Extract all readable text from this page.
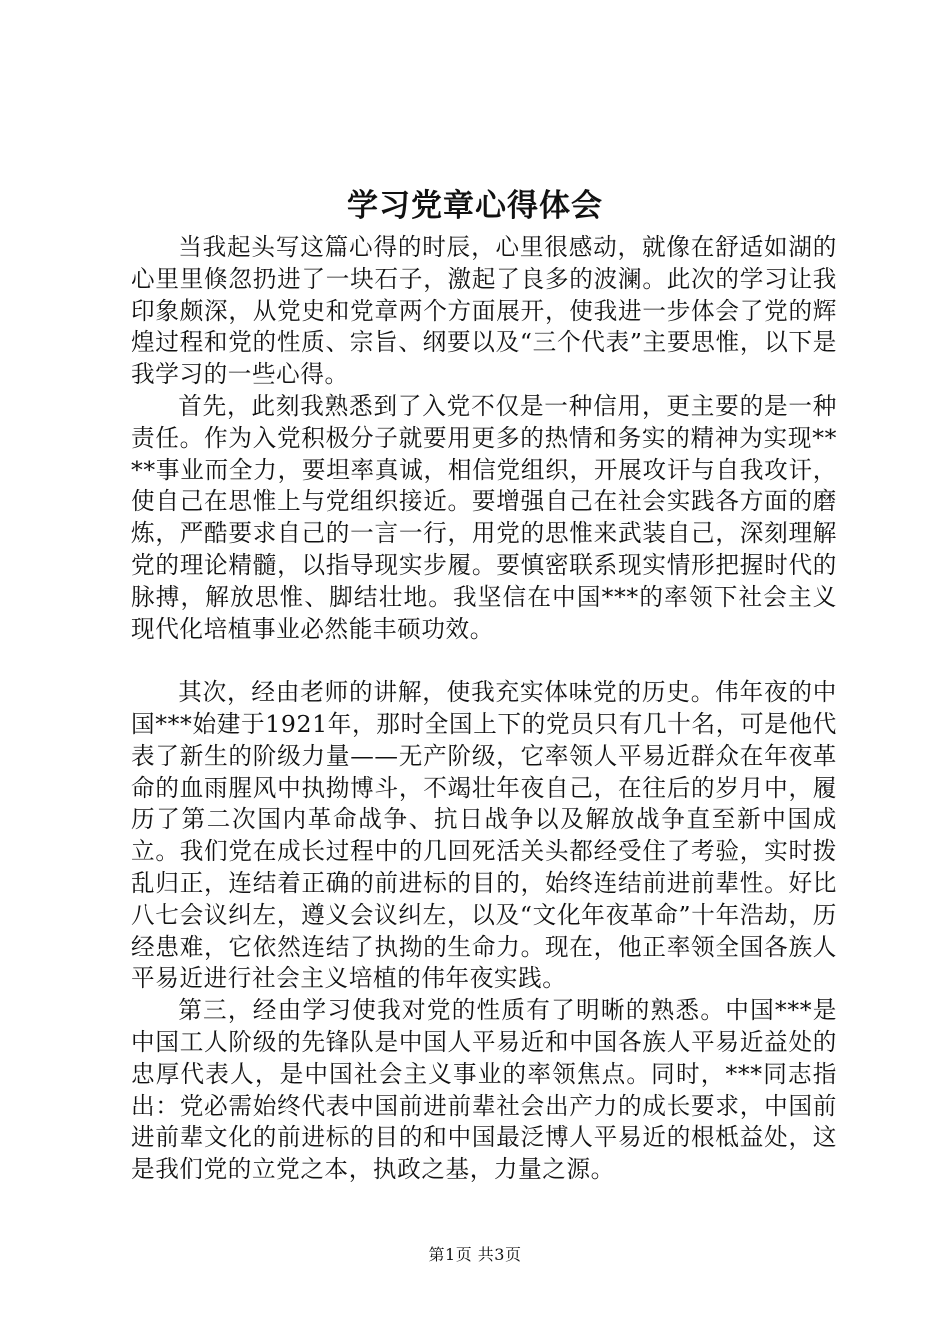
学习党章心得体会

当我起头写这篇心得的时辰，心里很感动，就像在舒适如湖的心里里倏忽扔进了一块石子，激起了良多的波澜。此次的学习让我印象颇深，从党史和党章两个方面展开，使我进一步体会了党的辉煌过程和党的性质、宗旨、纲要以及“三个代表”主要思惟，以下是我学习的一些心得。

首先，此刻我熟悉到了入党不仅是一种信用，更主要的是一种责任。作为入党积极分子就要用更多的热情和务实的精神为实现****事业而全力，要坦率真诚，相信党组织，开展攻讦与自我攻讦，使自己在思惟上与党组织接近。要增强自己在社会实践各方面的磨炼，严酷要求自己的一言一行，用党的思惟来武装自己，深刻理解党的理论精髓，以指导现实步履。要慎密联系现实情形把握时代的脉搏，解放思惟、脚结壮地。我坚信在中国***的率领下社会主义现代化培植事业必然能丰硕功效。

其次，经由老师的讲解，使我充实体味党的历史。伟年夜的中国***始建于1921年，那时全国上下的党员只有几十名，可是他代表了新生的阶级力量——无产阶级，它率领人平易近群众在年夜革命的血雨腥风中执拗博斗，不竭壮年夜自己，在往后的岁月中，履历了第二次国内革命战争、抗日战争以及解放战争直至新中国成立。我们党在成长过程中的几回死活关头都经受住了考验，实时拨乱归正，连结着正确的前进标的目的，始终连结前进前辈性。好比八七会议纠左，遵义会议纠左，以及“文化年夜革命”十年浩劫，历经患难，它依然连结了执拗的生命力。现在，他正率领全国各族人平易近进行社会主义培植的伟年夜实践。

第三，经由学习使我对党的性质有了明晰的熟悉。中国***是中国工人阶级的先锋队是中国人平易近和中国各族人平易近益处的忠厚代表人，是中国社会主义事业的率领焦点。同时，***同志指出：党必需始终代表中国前进前辈社会出产力的成长要求，中国前进前辈文化的前进标的目的和中国最泛博人平易近的根柢益处，这是我们党的立党之本，执政之基，力量之源。

第1页 共3页
